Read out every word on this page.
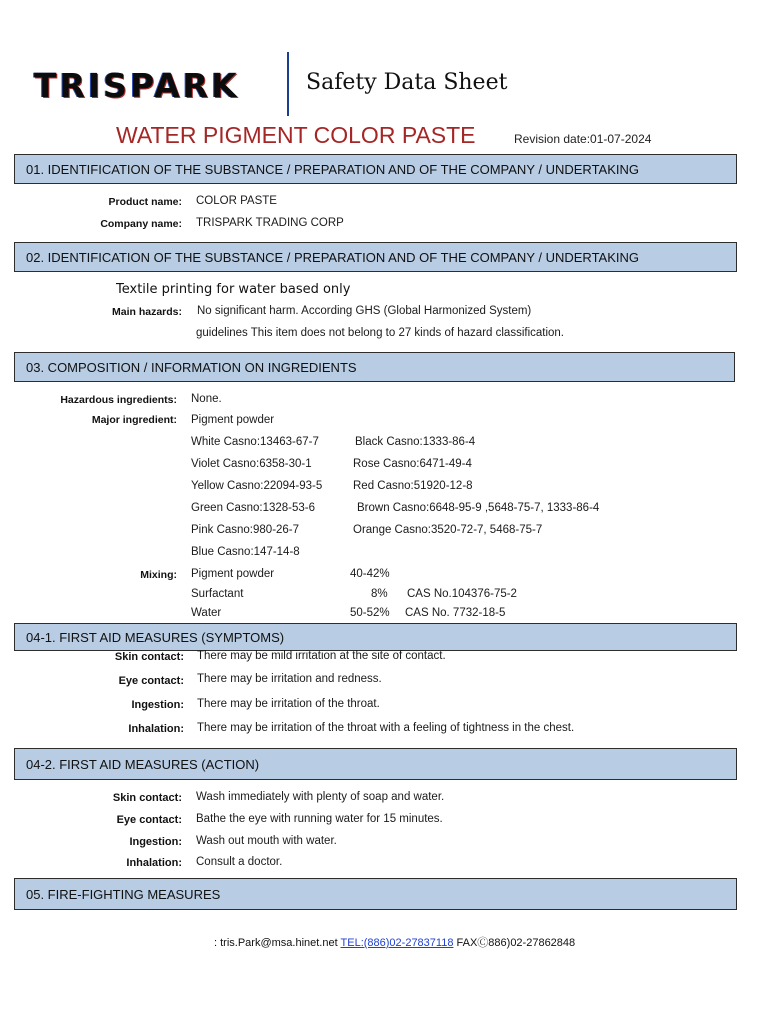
TRISPARK	Safety Data Sheet
WATER PIGMENT COLOR PASTE	Revision date:01-07-2024
01. IDENTIFICATION OF THE SUBSTANCE / PREPARATION AND OF THE COMPANY / UNDERTAKING
Product name: COLOR PASTE
Company name: TRISPARK TRADING CORP
02. IDENTIFICATION OF THE SUBSTANCE / PREPARATION AND OF THE COMPANY / UNDERTAKING
Textile printing for water based only
Main hazards: No significant harm. According GHS (Global Harmonized System)
guidelines This item does not belong to 27 kinds of hazard classification.
03. COMPOSITION / INFORMATION ON INGREDIENTS
Hazardous ingredients: None.
Major ingredient: Pigment powder
White Casno:13463-67-7	Black Casno:1333-86-4
Violet Casno:6358-30-1	Rose Casno:6471-49-4
Yellow Casno:22094-93-5	Red Casno:51920-12-8
Green Casno:1328-53-6	Brown Casno:6648-95-9 ,5648-75-7, 1333-86-4
Pink Casno:980-26-7	Orange Casno:3520-72-7, 5468-75-7
Blue Casno:147-14-8
Mixing: Pigment powder	40-42%
Surfactant	8% CAS No.104376-75-2
Water	50-52% CAS No. 7732-18-5
04-1. FIRST AID MEASURES (SYMPTOMS)
Skin contact: There may be mild irritation at the site of contact.
Eye contact: There may be irritation and redness.
Ingestion: There may be irritation of the throat.
Inhalation: There may be irritation of the throat with a feeling of tightness in the chest.
04-2. FIRST AID MEASURES (ACTION)
Skin contact: Wash immediately with plenty of soap and water.
Eye contact: Bathe the eye with running water for 15 minutes.
Ingestion: Wash out mouth with water.
Inhalation: Consult a doctor.
05. FIRE-FIGHTING MEASURES
: tris.Park@msa.hinet.net TEL:(886)02-27837118 FAXⒸ886)02-27862848
